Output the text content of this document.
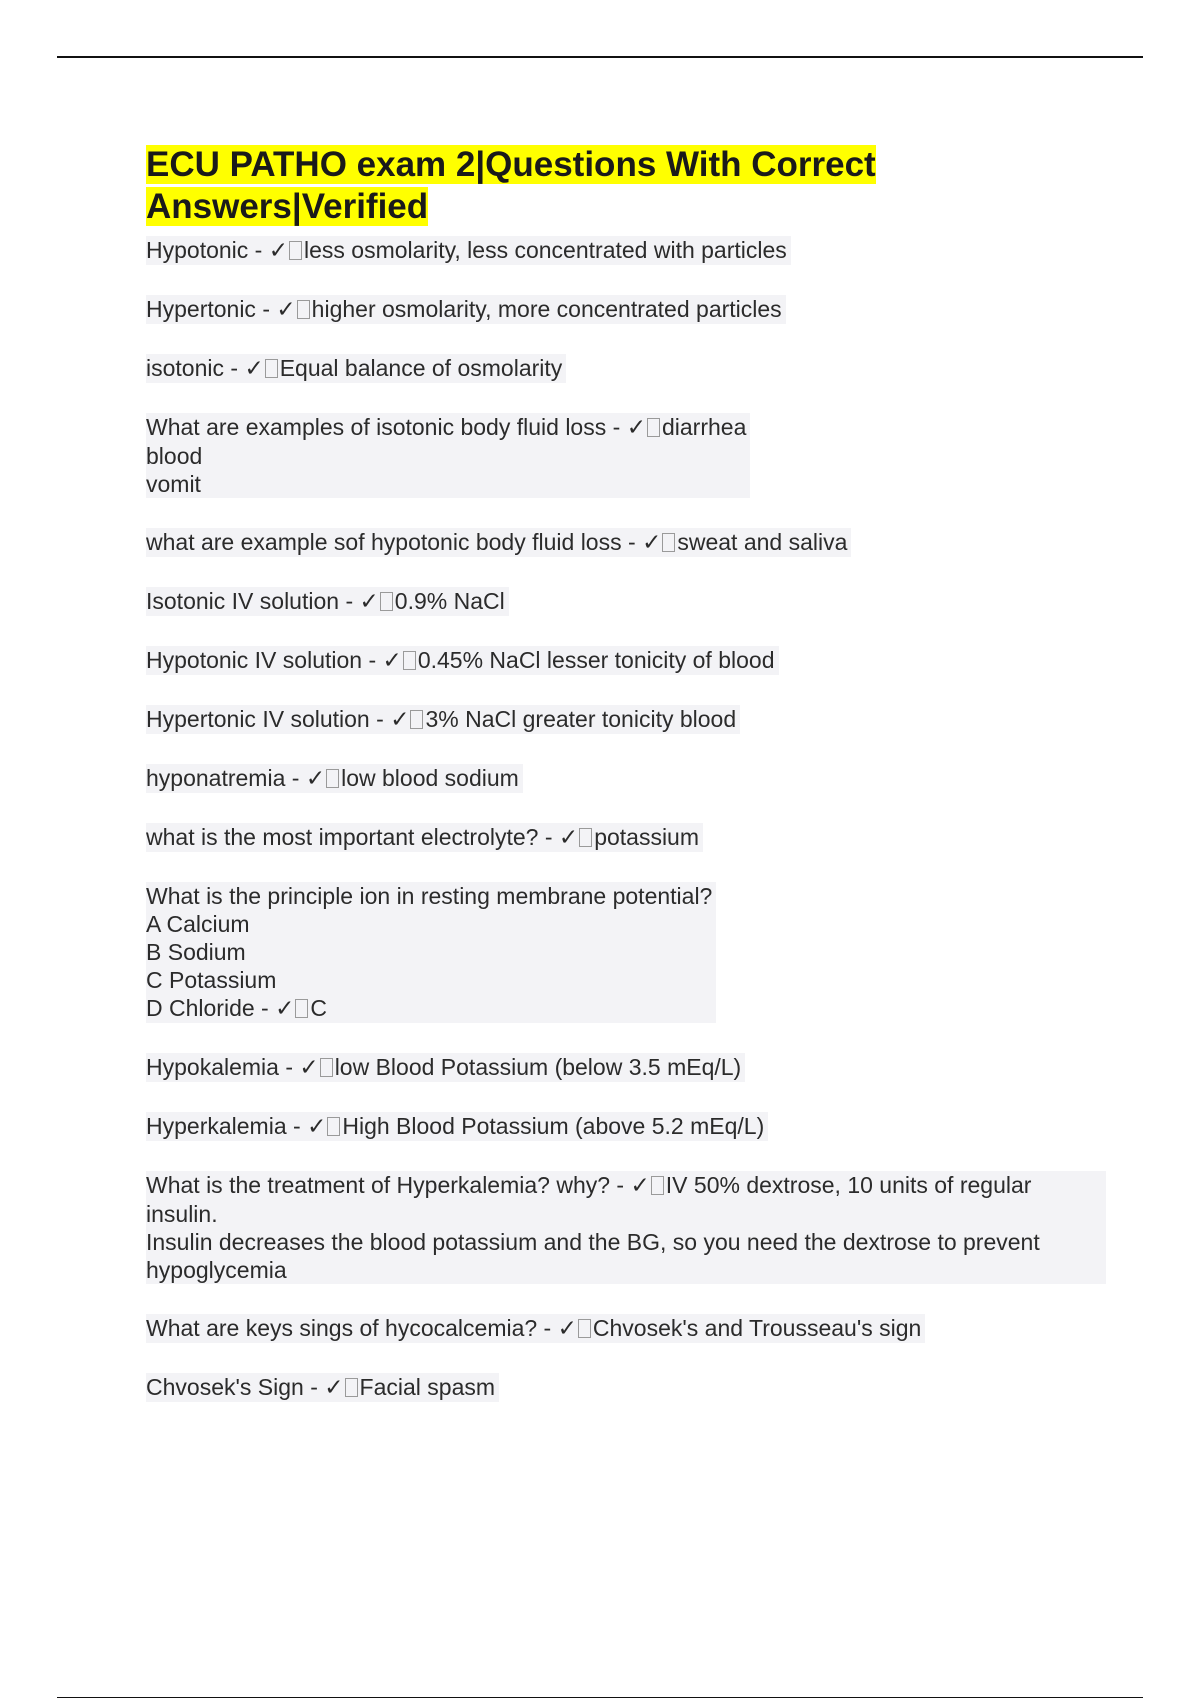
ECU PATHO exam 2|Questions With Correct Answers|Verified

Hypotonic - ✓ less osmolarity, less concentrated with particles

Hypertonic - ✓ higher osmolarity, more concentrated particles

isotonic - ✓ Equal balance of osmolarity

What are examples of isotonic body fluid loss - ✓ diarrhea
blood
vomit

what are example sof hypotonic body fluid loss - ✓ sweat and saliva

Isotonic IV solution - ✓ 0.9% NaCl

Hypotonic IV solution - ✓ 0.45% NaCl lesser tonicity of blood

Hypertonic IV solution - ✓ 3% NaCl greater tonicity blood

hyponatremia - ✓ low blood sodium

what is the most important electrolyte? - ✓ potassium

What is the principle ion in resting membrane potential?
A Calcium
B Sodium
C Potassium
D Chloride - ✓ C

Hypokalemia - ✓ low Blood Potassium (below 3.5 mEq/L)

Hyperkalemia - ✓ High Blood Potassium (above 5.2 mEq/L)

What is the treatment of Hyperkalemia? why? - ✓ IV 50% dextrose, 10 units of regular insulin.
Insulin decreases the blood potassium and the BG, so you need the dextrose to prevent hypoglycemia

What are keys sings of hycocalcemia? - ✓ Chvosek's and Trousseau's sign

Chvosek's Sign - ✓ Facial spasm
